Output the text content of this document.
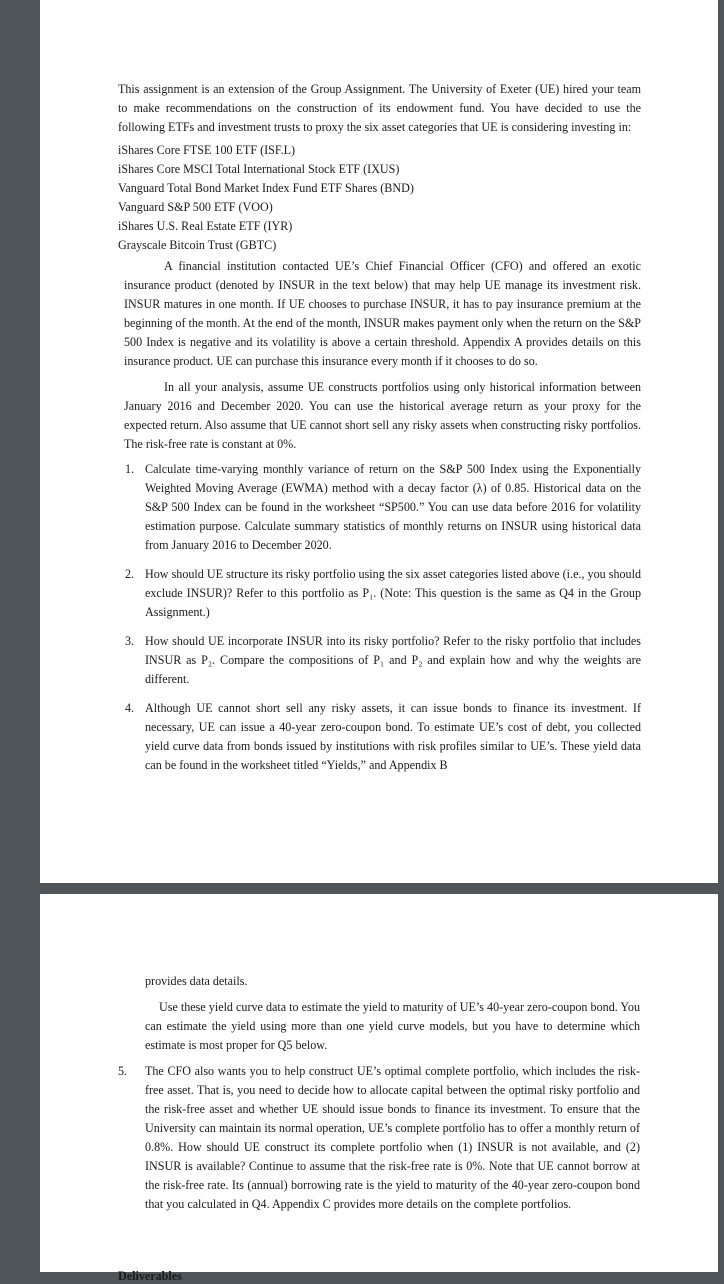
This assignment is an extension of the Group Assignment. The University of Exeter (UE) hired your team to make recommendations on the construction of its endowment fund. You have decided to use the following ETFs and investment trusts to proxy the six asset categories that UE is considering investing in:

iShares Core FTSE 100 ETF (ISF.L)
iShares Core MSCI Total International Stock ETF (IXUS)
Vanguard Total Bond Market Index Fund ETF Shares (BND)
Vanguard S&P 500 ETF (VOO)
iShares U.S. Real Estate ETF (IYR)
Grayscale Bitcoin Trust (GBTC)

A financial institution contacted UE’s Chief Financial Officer (CFO) and offered an exotic insurance product (denoted by INSUR in the text below) that may help UE manage its investment risk. INSUR matures in one month. If UE chooses to purchase INSUR, it has to pay insurance premium at the beginning of the month. At the end of the month, INSUR makes payment only when the return on the S&P 500 Index is negative and its volatility is above a certain threshold. Appendix A provides details on this insurance product. UE can purchase this insurance every month if it chooses to do so.

In all your analysis, assume UE constructs portfolios using only historical information between January 2016 and December 2020. You can use the historical average return as your proxy for the expected return. Also assume that UE cannot short sell any risky assets when constructing risky portfolios. The risk-free rate is constant at 0%.

1. Calculate time-varying monthly variance of return on the S&P 500 Index using the Exponentially Weighted Moving Average (EWMA) method with a decay factor (λ) of 0.85. Historical data on the S&P 500 Index can be found in the worksheet “SP500.” You can use data before 2016 for volatility estimation purpose. Calculate summary statistics of monthly returns on INSUR using historical data from January 2016 to December 2020.
2. How should UE structure its risky portfolio using the six asset categories listed above (i.e., you should exclude INSUR)? Refer to this portfolio as P₁. (Note: This question is the same as Q4 in the Group Assignment.)
3. How should UE incorporate INSUR into its risky portfolio? Refer to the risky portfolio that includes INSUR as P₂. Compare the compositions of P₁ and P₂ and explain how and why the weights are different.
4. Although UE cannot short sell any risky assets, it can issue bonds to finance its investment. If necessary, UE can issue a 40-year zero-coupon bond. To estimate UE’s cost of debt, you collected yield curve data from bonds issued by institutions with risk profiles similar to UE’s. These yield data can be found in the worksheet titled “Yields,” and Appendix B

provides data details.

Use these yield curve data to estimate the yield to maturity of UE’s 40-year zero-coupon bond. You can estimate the yield using more than one yield curve models, but you have to determine which estimate is most proper for Q5 below.

5. The CFO also wants you to help construct UE’s optimal complete portfolio, which includes the risk-free asset. That is, you need to decide how to allocate capital between the optimal risky portfolio and the risk-free asset and whether UE should issue bonds to finance its investment. To ensure that the University can maintain its normal operation, UE’s complete portfolio has to offer a monthly return of 0.8%. How should UE construct its complete portfolio when (1) INSUR is not available, and (2) INSUR is available? Continue to assume that the risk-free rate is 0%. Note that UE cannot borrow at the risk-free rate. Its (annual) borrowing rate is the yield to maturity of the 40-year zero-coupon bond that you calculated in Q4. Appendix C provides more details on the complete portfolios.
Deliverables
